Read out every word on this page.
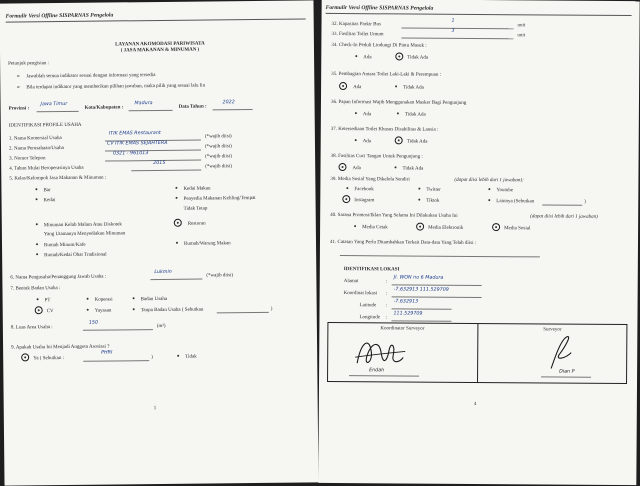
Formulir Versi Offline SISPARNAS Pengelola
LAYANAN AKOMODASI PARIWISATA
( JASA MAKANAN & MINUMAN )
Petunjuk pengisian :
➢ Jawablah semua indikator sesuai dengan informasi yang tersedia
➢ Bila terdapat indikator yang memberikan pilihan jawaban, maka pilih yang sesuai lalu lin
Provinsi :
Jawa Timur
Kota/Kabupaten :
Madura
Data Tahun :
2022
IDENTIFIKASI PROFILE USAHA
1. Nama Komersial Usaha
ITIK EMAS Restaurant
(*wajib diisi)
2. Nama Perusahaan/Usaha
CV ITIK EMAS SEJAHTERA
(*wajib diisi)
3. Nomor Telepon
0321 - 961013
(*wajib diisi)
4. Tahun Mulai Beroperasinya Usaha
2015
(*wajib diisi)
5. Kelas/Kelompok Jasa Makanan & Minuman :
Bar	Kedai Makan
Kedai	Penyedia Makanan Keliling/Tempat
Tidak Tetap
Minuman Kelab Malam Atau Diskotek
Yang Utamanya Menyediakan Minuman
Restoran
Rumah Minum/Kafe	Rumah/Warung Makan
Rumah/Kedai Obat Tradisional
6. Nama Pengusaha/Penanggung Jawab Usaha :
Lukmin
(*wajib diisi)
7. Bentuk Badan Usaha :
PT	Koperasi	Badan Usaha
CV	Yayasan	Tanpa Badan Usaha ( Sebutkan	)
8. Luas Area Usaha :
150
(m²)
9. Apakah Usaha Ini Menjadi Anggota Asosiasi ?
Ya ( Sebutkan :
PHRI
)	Tidak
1
Formulir Versi Offline SISPARNAS Pengelola
32. Kapasitas Parkir Bus
1
unit
33. Fasilitas Toilet Umum
3
unit
34. Check-In Peduli Lindungi Di Pintu Masuk :
Ada	Tidak Ada
35. Pembagian Antara Toilet Laki-Laki & Perempuan :
Ada	Tidak Ada
36. Papan Informasi Wajib Menggunakan Masker Bagi Pengunjung
Ada	Tidak Ada
37. Ketersediaan Toilet Khusus Disabilitas & Lansia :
Ada	Tidak Ada
38. Fasilitas Cuci Tangan Untuk Pengunjung :
Ada	Tidak Ada
39. Media Sosial Yang Dikelola Sendiri	(dapat diisi lebih dari 1 jawaban):
Facebook	Twitter	Youtube
Instagram	Tiktok	Lainnya (Sebutkan	)
40. Sarana Promosi/Iklan Yang Selama Ini Dilakukan Usaha Ini	(dapat diisi lebih dari 1 jawaban)
Media Cetak	Media Elektronik	Media Sosial
41. Catatan Yang Perlu Ditambahkan Terkait Data-data Yang Telah diisi :
IDENTIFIKASI LOKASI
Alamat	:
Jl. WON no 6 Madura
Koordinat lokasi :
-7.632913 111.529709
Latitude :
-7.632913
Longitude :
111.529709
Koordinator Surveyor	Surveyor
Endah	Dian P
4
